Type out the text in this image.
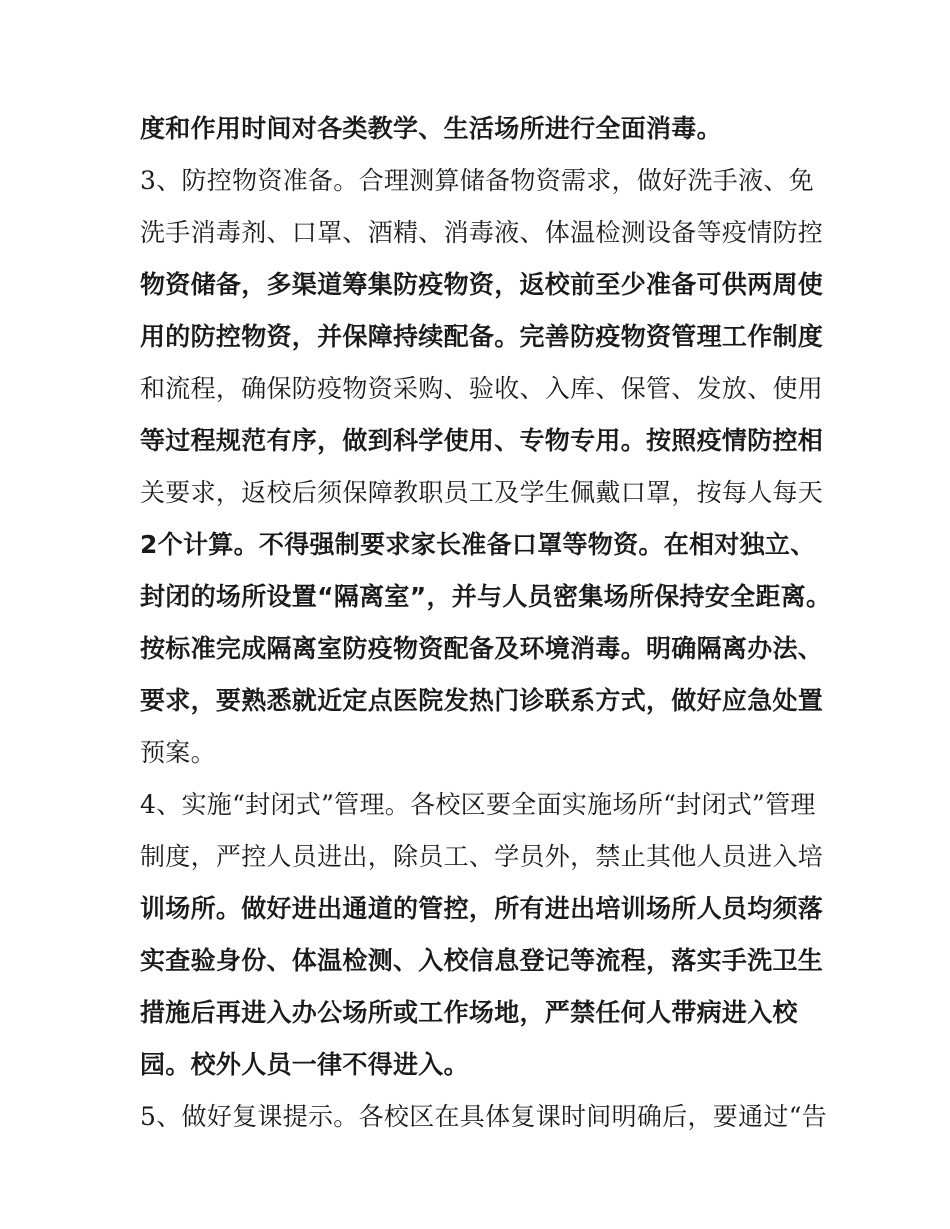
度和作用时间对各类教学、生活场所进行全面消毒。
3、防控物资准备。合理测算储备物资需求，做好洗手液、免
洗手消毒剂、口罩、酒精、消毒液、体温检测设备等疫情防控
物资储备，多渠道筹集防疫物资，返校前至少准备可供两周使
用的防控物资，并保障持续配备。完善防疫物资管理工作制度
和流程，确保防疫物资采购、验收、入库、保管、发放、使用
等过程规范有序，做到科学使用、专物专用。按照疫情防控相
关要求，返校后须保障教职员工及学生佩戴口罩，按每人每天
2个计算。不得强制要求家长准备口罩等物资。在相对独立、
封闭的场所设置“隔离室”，并与人员密集场所保持安全距离。
按标准完成隔离室防疫物资配备及环境消毒。明确隔离办法、
要求，要熟悉就近定点医院发热门诊联系方式，做好应急处置
预案。
4、实施“封闭式”管理。各校区要全面实施场所“封闭式”管理
制度，严控人员进出，除员工、学员外，禁止其他人员进入培
训场所。做好进出通道的管控，所有进出培训场所人员均须落
实查验身份、体温检测、入校信息登记等流程，落实手洗卫生
措施后再进入办公场所或工作场地，严禁任何人带病进入校
园。校外人员一律不得进入。
5、做好复课提示。各校区在具体复课时间明确后，要通过“告
